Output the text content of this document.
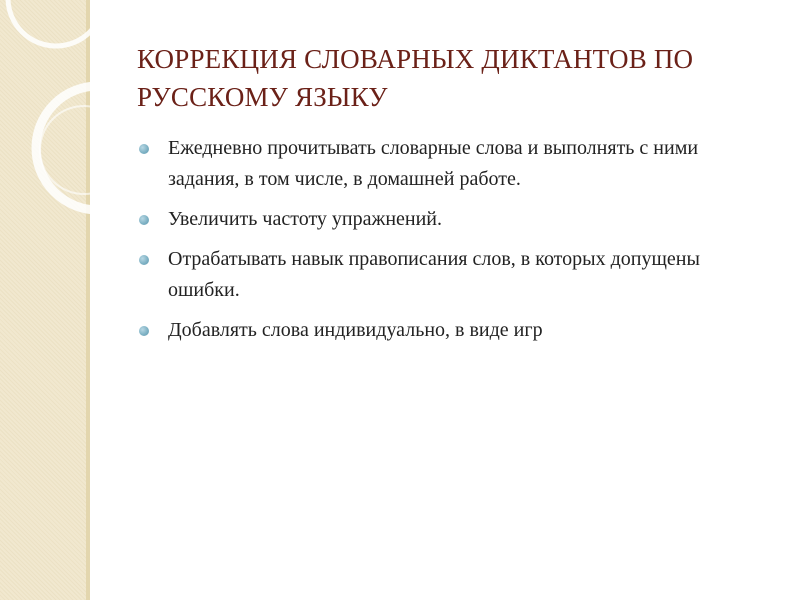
КОРРЕКЦИЯ СЛОВАРНЫХ ДИКТАНТОВ ПО РУССКОМУ ЯЗЫКУ
Ежедневно прочитывать словарные слова и выполнять с ними задания, в том числе, в домашней работе.
Увеличить частоту упражнений.
Отрабатывать навык правописания слов, в которых допущены ошибки.
Добавлять слова индивидуально, в виде игр
